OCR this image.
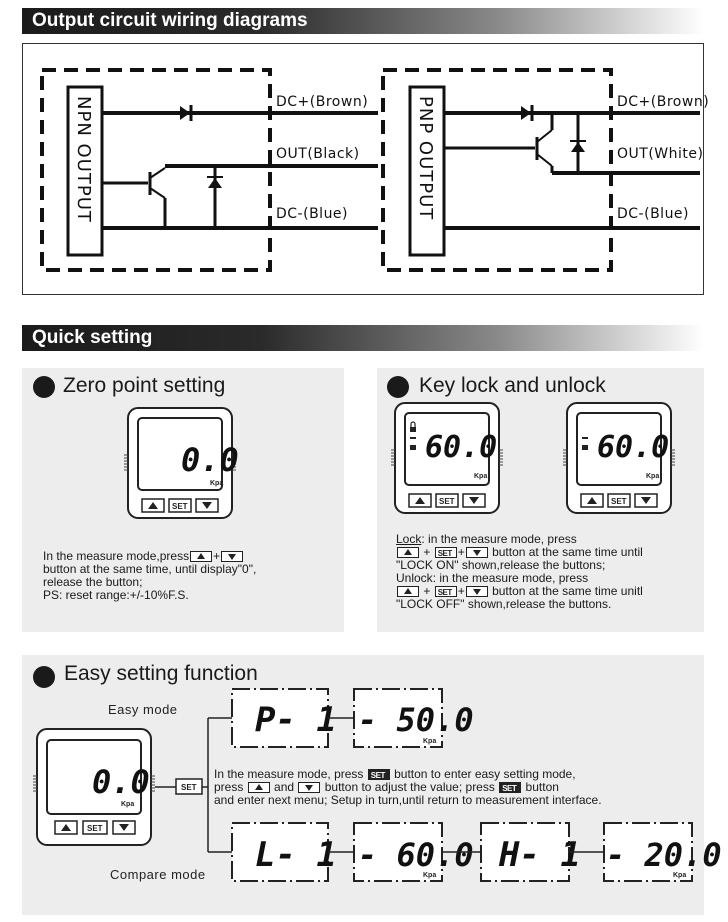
Output circuit wiring diagrams
NPN OUTPUT	DC+(Brown)
OUT(Black)
DC-(Blue)	PNP OUTPUT	DC+(Brown)
OUT(White)
DC-(Blue)
Quick setting
Zero point setting
0.0
Kpa
SET
In the measure mode,press +
button at the same time, until display"0",
release the button;
PS: reset range:+/-10%F.S.
Key lock and unlock
60.0
Kpa
SET
60.0
Kpa
SET
Lock: in the measure mode, press
+ SET + button at the same time until
"LOCK ON" shown,release the buttons;
Unlock: in the measure mode, press
+ SET + button at the same time unitl
"LOCK OFF" shown,release the buttons.
Easy setting function
Easy mode
Compare mode
0.0
Kpa
SET
SET
P- 1 - 50.0
Kpa
L- 1 - 60.0
Kpa
H- 1 - 20.0
Kpa
In the measure mode, press SET button to enter easy setting mode,
press	and	button to adjust the value; press SET button
and enter next menu; Setup in turn,until return to measurement interface.
